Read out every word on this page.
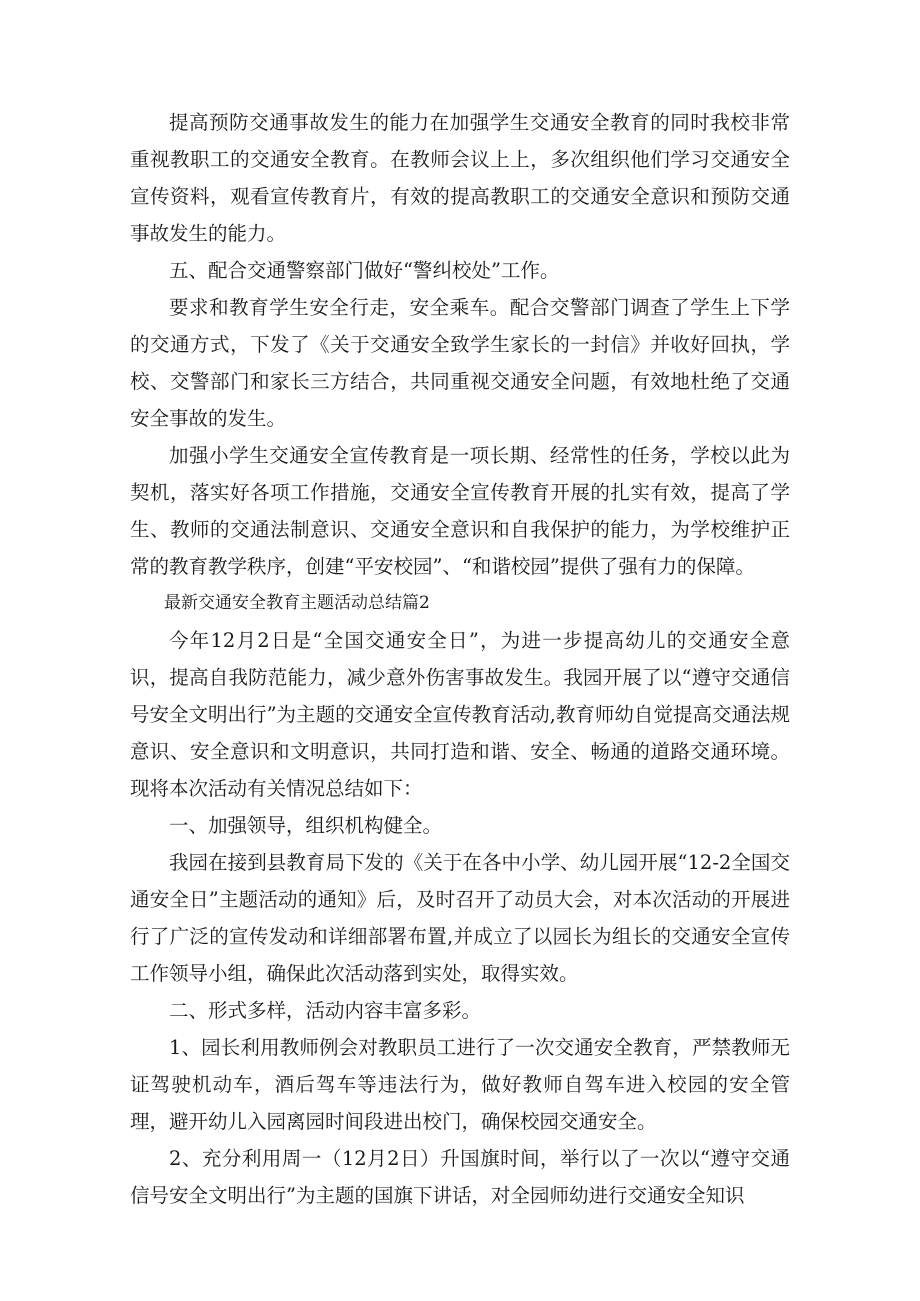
提高预防交通事故发生的能力在加强学生交通安全教育的同时我校非常重视教职工的交通安全教育。在教师会议上上，多次组织他们学习交通安全宣传资料，观看宣传教育片，有效的提高教职工的交通安全意识和预防交通事故发生的能力。

五、配合交通警察部门做好“警纠校处”工作。

要求和教育学生安全行走，安全乘车。配合交警部门调查了学生上下学的交通方式，下发了《关于交通安全致学生家长的一封信》并收好回执，学校、交警部门和家长三方结合，共同重视交通安全问题，有效地杜绝了交通安全事故的发生。

加强小学生交通安全宣传教育是一项长期、经常性的任务，学校以此为契机，落实好各项工作措施，交通安全宣传教育开展的扎实有效，提高了学生、教师的交通法制意识、交通安全意识和自我保护的能力，为学校维护正常的教育教学秩序，创建“平安校园”、“和谐校园”提供了强有力的保障。

最新交通安全教育主题活动总结篇2

今年12月2日是“全国交通安全日”，为进一步提高幼儿的交通安全意识，提高自我防范能力，减少意外伤害事故发生。我园开展了以“遵守交通信号安全文明出行”为主题的交通安全宣传教育活动,教育师幼自觉提高交通法规意识、安全意识和文明意识，共同打造和谐、安全、畅通的道路交通环境。现将本次活动有关情况总结如下：

一、加强领导，组织机构健全。

我园在接到县教育局下发的《关于在各中小学、幼儿园开展“12-2全国交通安全日”主题活动的通知》后，及时召开了动员大会，对本次活动的开展进行了广泛的宣传发动和详细部署布置,并成立了以园长为组长的交通安全宣传工作领导小组，确保此次活动落到实处，取得实效。

二、形式多样，活动内容丰富多彩。

1、园长利用教师例会对教职员工进行了一次交通安全教育，严禁教师无证驾驶机动车，酒后驾车等违法行为，做好教师自驾车进入校园的安全管理，避开幼儿入园离园时间段进出校门，确保校园交通安全。

2、充分利用周一（12月2日）升国旗时间，举行以了一次以“遵守交通信号安全文明出行”为主题的国旗下讲话，对全园师幼进行交通安全知识
